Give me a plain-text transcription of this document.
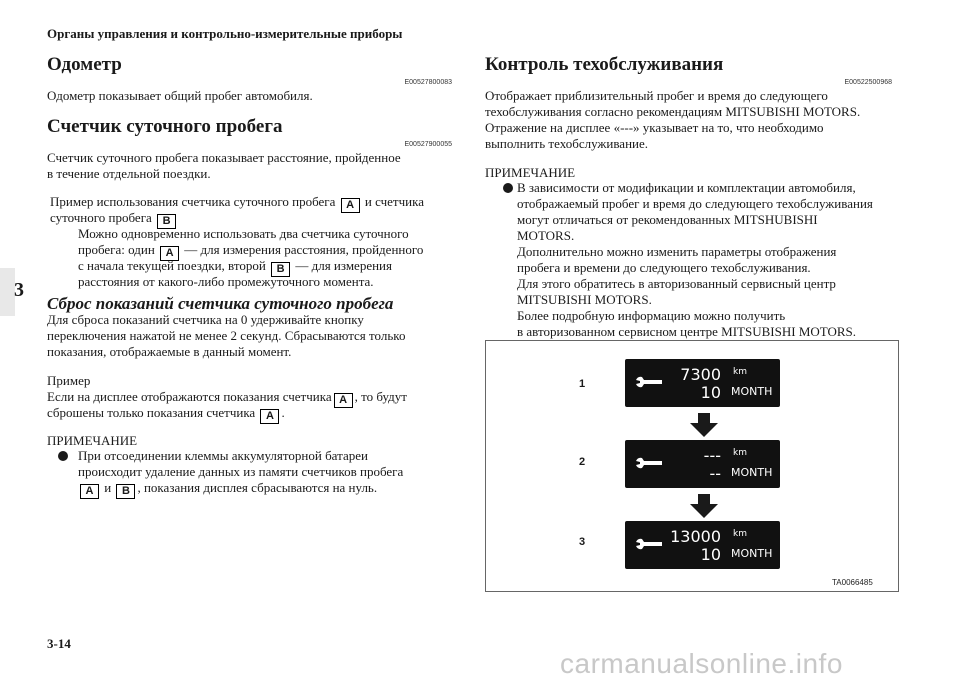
Органы управления и контрольно-измерительные приборы
3
Одометр
E00527800083
Одометр показывает общий пробег автомобиля.
Счетчик суточного пробега
E00527900055
Счетчик суточного пробега показывает расстояние, пройденное
в течение отдельной поездки.
Пример использования счетчика суточного пробега A и счетчика
суточного пробега B
Можно одновременно использовать два счетчика суточного
пробега: один A — для измерения расстояния, пройденного
с начала текущей поездки, второй B — для измерения
расстояния от какого-либо промежуточного момента.
Сброс показаний счетчика суточного пробега
Для сброса показаний счетчика на 0 удерживайте кнопку
переключения нажатой не менее 2 секунд. Сбрасываются только
показания, отображаемые в данный момент.
Пример
Если на дисплее отображаются показания счетчика A , то будут
сброшены только показания счетчика A .
ПРИМЕЧАНИЕ
При отсоединении клеммы аккумуляторной батареи
происходит удаление данных из памяти счетчиков пробега
A и B , показания дисплея сбрасываются на нуль.
Контроль техобслуживания
E00522500968
Отображает приблизительный пробег и время до следующего
техобслуживания согласно рекомендациям MITSUBISHI MOTORS.
Отражение на дисплее «---» указывает на то, что необходимо
выполнить техобслуживание.
ПРИМЕЧАНИЕ
В зависимости от модификации и комплектации автомобиля,
отображаемый пробег и время до следующего техобслуживания
могут отличаться от рекомендованных MITSHUBISHI
MOTORS.
Дополнительно можно изменить параметры отображения
пробега и времени до следующего техобслуживания.
Для этого обратитесь в авторизованный сервисный центр
MITSUBISHI MOTORS.
Более подробную информацию можно получить
в авторизованном сервисном центре MITSUBISHI MOTORS.
1	7300
10
km
MONTH
2	---
--
km
MONTH
3	13000
10
km
MONTH
TA0066485
3-14
carmanualsonline.info
